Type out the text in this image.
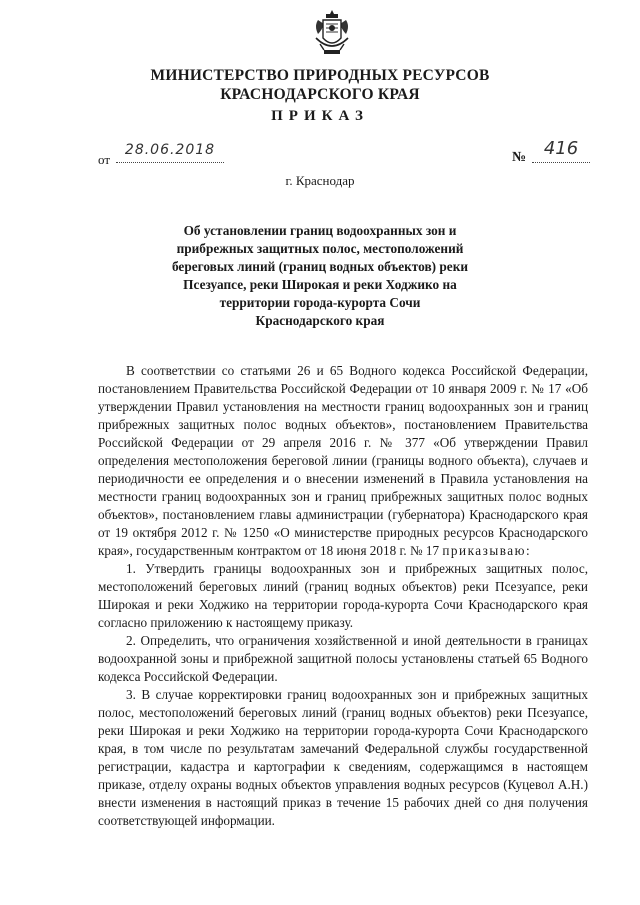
МИНИСТЕРСТВО ПРИРОДНЫХ РЕСУРСОВ
КРАСНОДАРСКОГО КРАЯ
ПРИКАЗ
от
28.06.2018	№ 416
г. Краснодар
Об установлении границ водоохранных зон и
прибрежных защитных полос, местоположений
береговых линий (границ водных объектов) реки
Псезуапсе, реки Широкая и реки Ходжико на
территории города-курорта Сочи
Краснодарского края

В соответствии со статьями 26 и 65 Водного кодекса Российской Федерации, постановлением Правительства Российской Федерации от 10 января 2009 г. № 17 «Об утверждении Правил установления на местности границ водоохранных зон и границ прибрежных защитных полос водных объектов», постановлением Правительства Российской Федерации от 29 апреля 2016 г. № 377 «Об утверждении Правил определения местоположения береговой линии (границы водного объекта), случаев и периодичности ее определения и о внесении изменений в Правила установления на местности границ водоохранных зон и границ прибрежных защитных полос водных объектов», постановлением главы администрации (губернатора) Краснодарского края от 19 октября 2012 г. № 1250 «О министерстве природных ресурсов Краснодарского края», государственным контрактом от 18 июня 2018 г. № 17 приказываю:

1. Утвердить границы водоохранных зон и прибрежных защитных полос, местоположений береговых линий (границ водных объектов) реки Псезуапсе, реки Широкая и реки Ходжико на территории города-курорта Сочи Краснодарского края согласно приложению к настоящему приказу.

2. Определить, что ограничения хозяйственной и иной деятельности в границах водоохранной зоны и прибрежной защитной полосы установлены статьей 65 Водного кодекса Российской Федерации.

3. В случае корректировки границ водоохранных зон и прибрежных защитных полос, местоположений береговых линий (границ водных объектов) реки Псезуапсе, реки Широкая и реки Ходжико на территории города-курорта Сочи Краснодарского края, в том числе по результатам замечаний Федеральной службы государственной регистрации, кадастра и картографии к сведениям, содержащимся в настоящем приказе, отделу охраны водных объектов управления водных ресурсов (Куцевол А.Н.) внести изменения в настоящий приказ в течение 15 рабочих дней со дня получения соответствующей информации.
